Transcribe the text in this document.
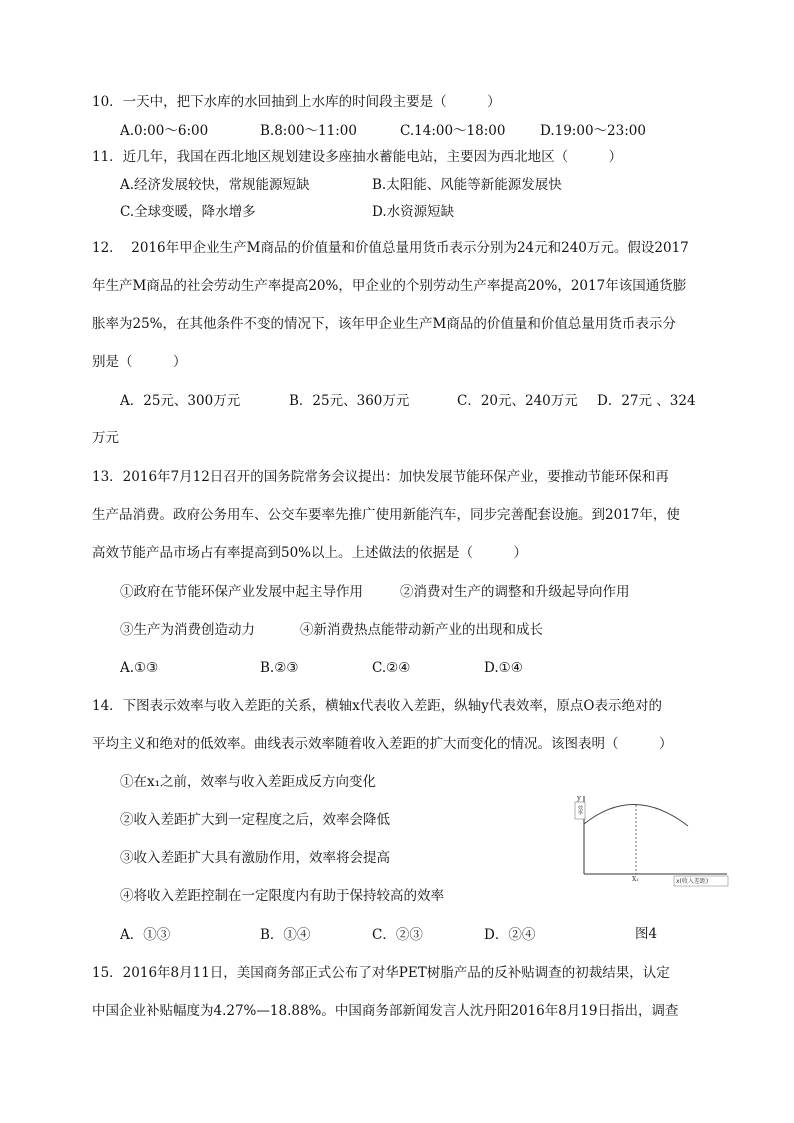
10．一天中，把下水库的水回抽到上水库的时间段主要是（　　　）
A.0:00～6:00	B.8:00～11:00	C.14:00～18:00	D.19:00～23:00
11．近几年，我国在西北地区规划建设多座抽水蓄能电站，主要因为西北地区（　　　）
A.经济发展较快，常规能源短缺	B.太阳能、风能等新能源发展快
C.全球变暖，降水增多	D.水资源短缺
12．  2016年甲企业生产M商品的价值量和价值总量用货币表示分别为24元和240万元。假设2017
年生产M商品的社会劳动生产率提高20%，甲企业的个别劳动生产率提高20%，2017年该国通货膨
胀率为25%，在其他条件不变的情况下，该年甲企业生产M商品的价值量和价值总量用货币表示分
别是（　　　）
A．25元、300万元	B．25元、360万元	C．20元、240万元 D．27元 、324
万元
13．2016年7月12日召开的国务院常务会议提出：加快发展节能环保产业，要推动节能环保和再
生产品消费。政府公务用车、公交车要率先推广使用新能汽车，同步完善配套设施。到2017年，使
高效节能产品市场占有率提高到50%以上。上述做法的依据是（　　　）
①政府在节能环保产业发展中起主导作用	②消费对生产的调整和升级起导向作用
③生产为消费创造动力	④新消费热点能带动新产业的出现和成长
A.①③	B.②③	C.②④	D.①④
14．下图表示效率与收入差距的关系，横轴x代表收入差距，纵轴y代表效率，原点O表示绝对的
平均主义和绝对的低效率。曲线表示效率随着收入差距的扩大而变化的情况。该图表明（　　　）
①在x₁之前，效率与收入差距成反方向变化
②收入差距扩大到一定程度之后，效率会降低
③收入差距扩大具有激励作用，效率将会提高
④将收入差距控制在一定限度内有助于保持较高的效率
A．①③	B．①④	C．②③	D．②④	图4
y
效率
X₁	x(收入差距)
15．2016年8月11日，美国商务部正式公布了对华PET树脂产品的反补贴调查的初裁结果，认定
中国企业补贴幅度为4.27%—18.88%。中国商务部新闻发言人沈丹阳2016年8月19日指出，调查
